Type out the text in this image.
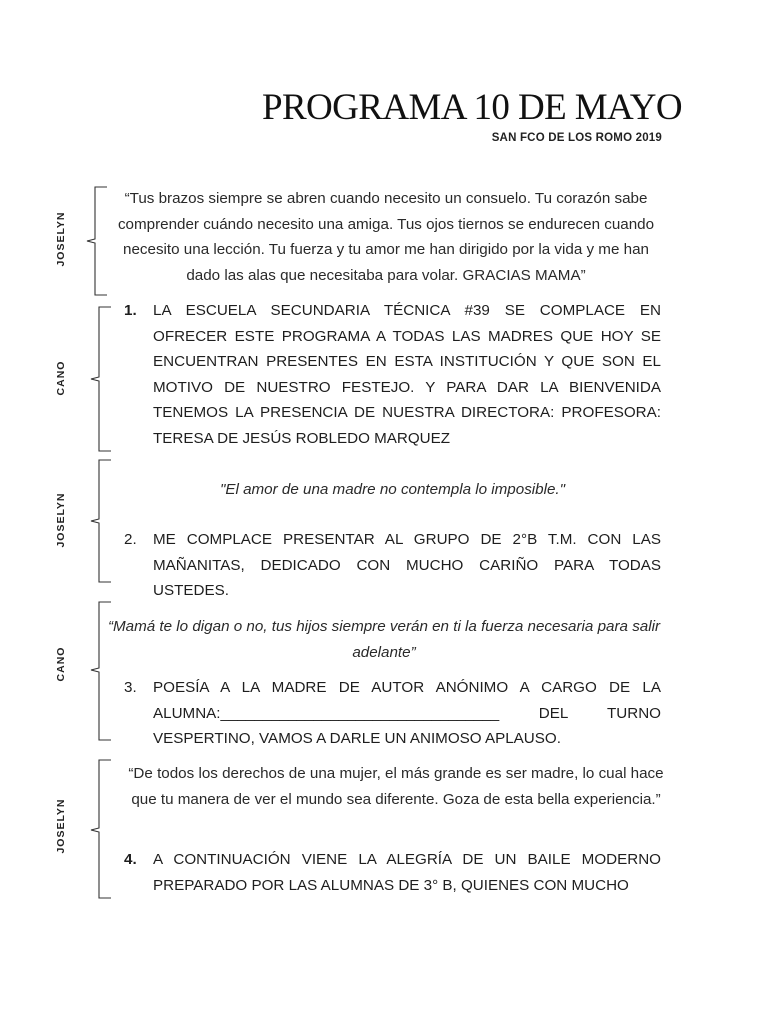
PROGRAMA 10 DE MAYO
SAN FCO DE LOS ROMO 2019
JOSELYN
“Tus brazos siempre se abren cuando necesito un consuelo. Tu corazón sabe comprender cuándo necesito una amiga. Tus ojos tiernos se endurecen cuando necesito una lección. Tu fuerza y tu amor me han dirigido por la vida y me han dado las alas que necesitaba para volar. GRACIAS MAMA”
CANO
1.	LA ESCUELA SECUNDARIA TÉCNICA #39 SE COMPLACE EN OFRECER ESTE PROGRAMA A TODAS LAS MADRES QUE HOY SE ENCUENTRAN PRESENTES EN ESTA INSTITUCIÓN Y QUE SON EL MOTIVO DE NUESTRO FESTEJO. Y PARA DAR LA BIENVENIDA TENEMOS LA PRESENCIA DE NUESTRA DIRECTORA: PROFESORA: TERESA DE JESÚS ROBLEDO MARQUEZ
JOSELYN
"El amor de una madre no contempla lo imposible."
2.	ME COMPLACE PRESENTAR AL GRUPO DE 2°B T.M. CON LAS MAÑANITAS, DEDICADO CON MUCHO CARIÑO PARA TODAS USTEDES.
CANO
“Mamá te lo digan o no, tus hijos siempre verán en ti la fuerza necesaria para salir adelante”
3.	POESÍA A LA MADRE DE AUTOR ANÓNIMO A CARGO DE LA ALUMNA:_________________________________ DEL TURNO VESPERTINO, VAMOS A DARLE UN ANIMOSO APLAUSO.
JOSELYN
“De todos los derechos de una mujer, el más grande es ser madre, lo cual hace que tu manera de ver el mundo sea diferente. Goza de esta bella experiencia.”
4.	A CONTINUACIÓN VIENE LA ALEGRÍA DE UN BAILE MODERNO PREPARADO POR LAS ALUMNAS DE 3° B, QUIENES CON MUCHO
